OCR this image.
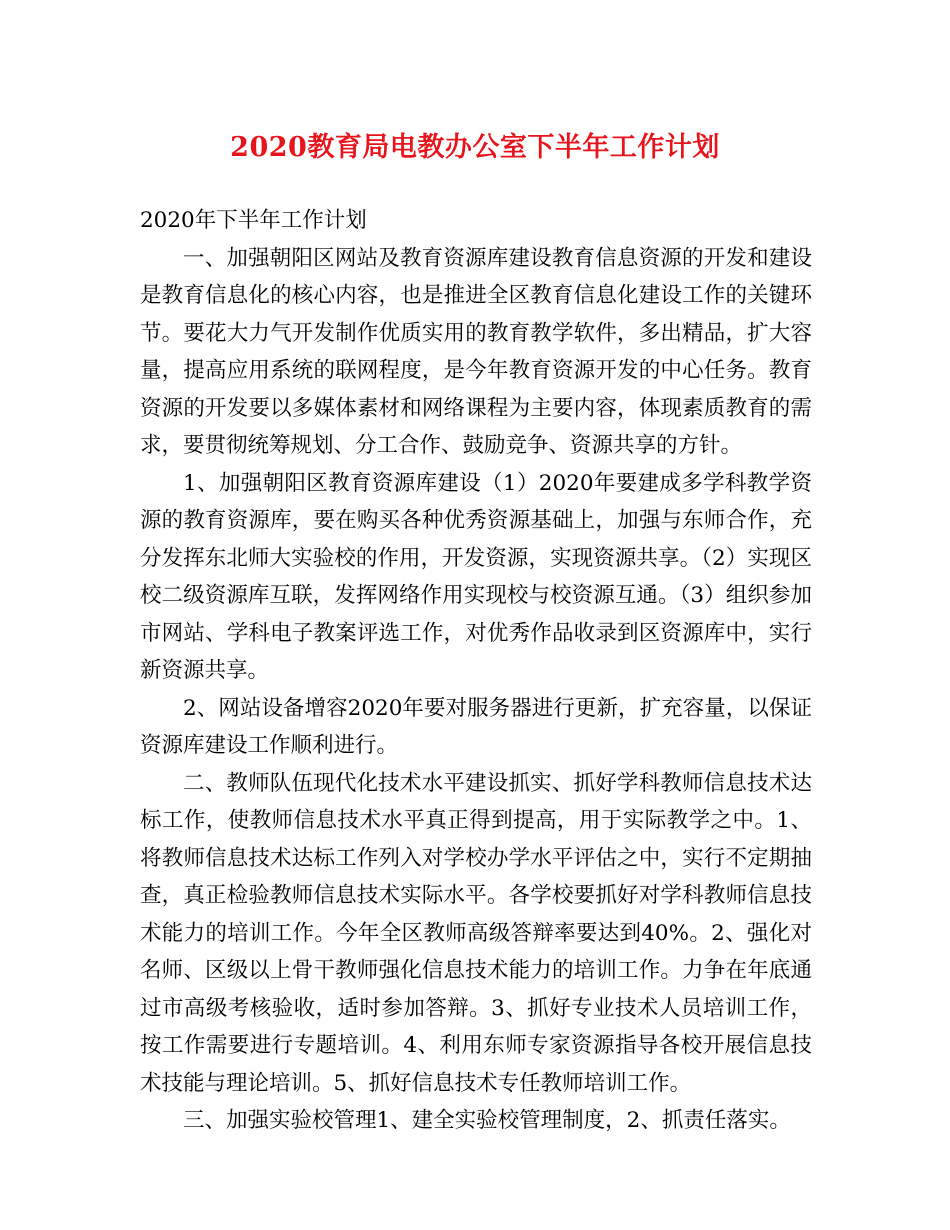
2020教育局电教办公室下半年工作计划

2020年下半年工作计划

一、加强朝阳区网站及教育资源库建设教育信息资源的开发和建设是教育信息化的核心内容，也是推进全区教育信息化建设工作的关键环节。要花大力气开发制作优质实用的教育教学软件，多出精品，扩大容量，提高应用系统的联网程度，是今年教育资源开发的中心任务。教育资源的开发要以多媒体素材和网络课程为主要内容，体现素质教育的需求，要贯彻统筹规划、分工合作、鼓励竞争、资源共享的方针。

1、加强朝阳区教育资源库建设（1）2020年要建成多学科教学资源的教育资源库，要在购买各种优秀资源基础上，加强与东师合作，充分发挥东北师大实验校的作用，开发资源，实现资源共享。（2）实现区校二级资源库互联，发挥网络作用实现校与校资源互通。（3）组织参加市网站、学科电子教案评选工作，对优秀作品收录到区资源库中，实行新资源共享。

2、网站设备增容2020年要对服务器进行更新，扩充容量，以保证资源库建设工作顺利进行。

二、教师队伍现代化技术水平建设抓实、抓好学科教师信息技术达标工作，使教师信息技术水平真正得到提高，用于实际教学之中。1、将教师信息技术达标工作列入对学校办学水平评估之中，实行不定期抽查，真正检验教师信息技术实际水平。各学校要抓好对学科教师信息技术能力的培训工作。今年全区教师高级答辩率要达到40%。2、强化对名师、区级以上骨干教师强化信息技术能力的培训工作。力争在年底通过市高级考核验收，适时参加答辩。3、抓好专业技术人员培训工作，按工作需要进行专题培训。4、利用东师专家资源指导各校开展信息技术技能与理论培训。5、抓好信息技术专任教师培训工作。

三、加强实验校管理1、建全实验校管理制度，2、抓责任落实。
